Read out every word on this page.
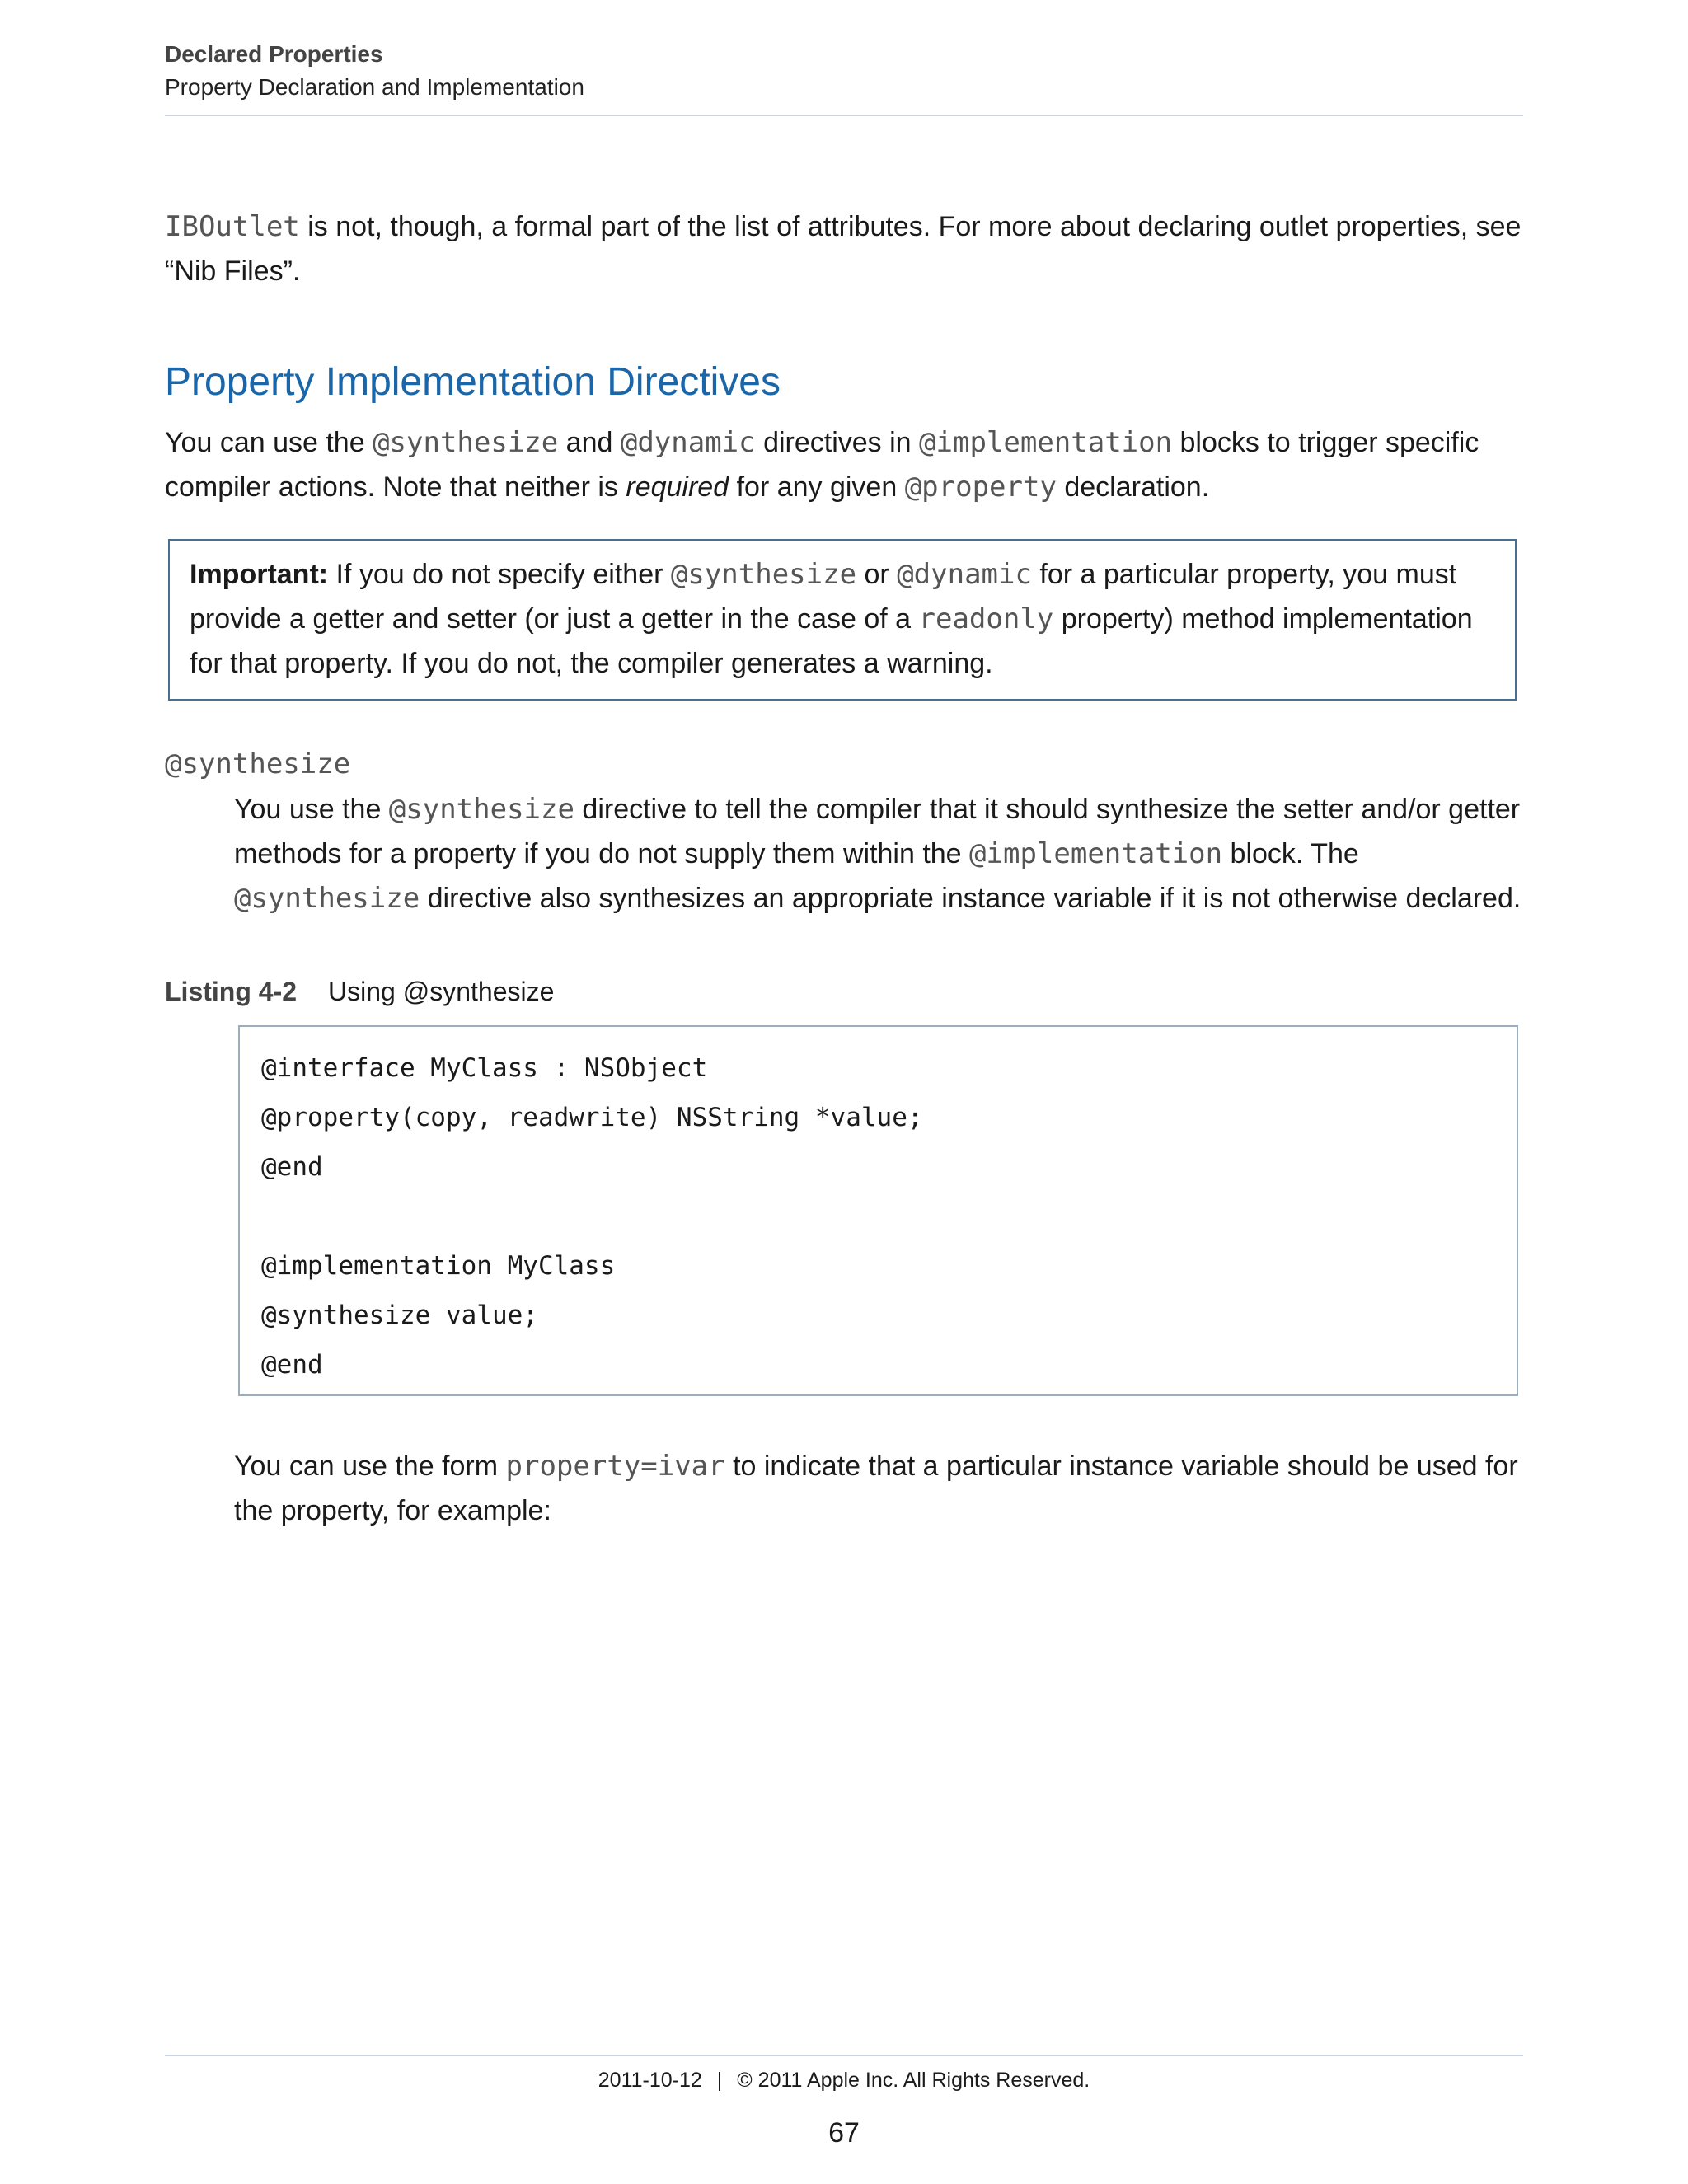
Declared Properties
Property Declaration and Implementation
IBOutlet is not, though, a formal part of the list of attributes. For more about declaring outlet properties, see “Nib Files”.
Property Implementation Directives
You can use the @synthesize and @dynamic directives in @implementation blocks to trigger specific compiler actions. Note that neither is required for any given @property declaration.
Important: If you do not specify either @synthesize or @dynamic for a particular property, you must provide a getter and setter (or just a getter in the case of a readonly property) method implementation for that property. If you do not, the compiler generates a warning.
@synthesize
You use the @synthesize directive to tell the compiler that it should synthesize the setter and/or getter methods for a property if you do not supply them within the @implementation block. The @synthesize directive also synthesizes an appropriate instance variable if it is not otherwise declared.
Listing 4-2 Using @synthesize
@interface MyClass : NSObject
@property(copy, readwrite) NSString *value;
@end
@implementation MyClass
@synthesize value;
@end
You can use the form property=ivar to indicate that a particular instance variable should be used for the property, for example:
2011-10-12 | © 2011 Apple Inc. All Rights Reserved.
67
